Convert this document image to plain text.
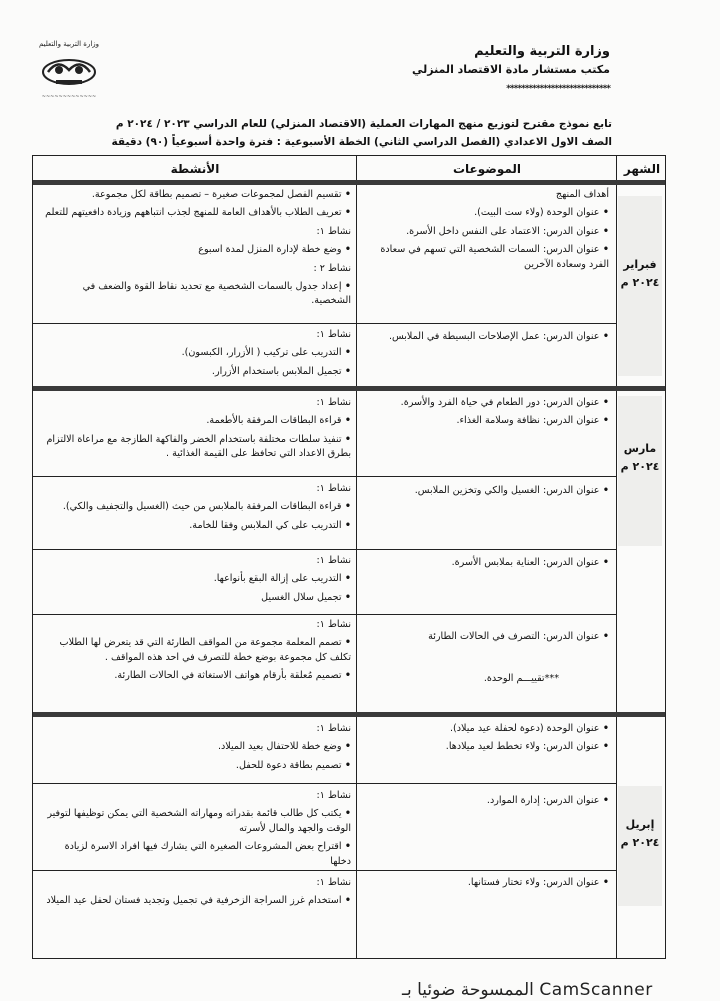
وزارة التربية والتعليم
~~~~~~~~~~~~~
وزارة التربية والتعليم
مكتب مستشار مادة الاقتصاد المنزلي
****************************
تابع نموذج مقترح لتوزيع منهج المهارات العملية (الاقتصاد المنزلي) للعام الدراسي ٢٠٢٣ / ٢٠٢٤ م
الصف الاول الاعدادي (الفصل الدراسي الثاني) الخطة الأسبوعية : فترة واحدة أسبوعياً (٩٠) دقيقة
الشهر
الموضوعات
الأنشطة
فبراير
٢٠٢٤ م
مارس
٢٠٢٤ م
إبريل
٢٠٢٤ م

أهداف المنهج

• عنوان الوحدة (ولاء ست البيت).

• عنوان الدرس: الاعتماد على النفس داخل الأسرة.

• عنوان الدرس: السمات الشخصية التي تسهم في سعادة الفرد وسعادة الآخرين

• تقسيم الفصل لمجموعات صغيرة – تصميم بطاقة لكل مجموعة.

• تعريف الطلاب بالأهداف العامة للمنهج لجذب انتباههم وزيادة دافعيتهم للتعلم

نشاط ١:

• وضع خطة لإدارة المنزل لمدة اسبوع

نشاط ٢ :

• إعداد جدول بالسمات الشخصية مع تحديد نقاط القوة والضعف في الشخصية.

• عنوان الدرس: عمل الإصلاحات البسيطة في الملابس.

نشاط ١:

• التدريب على تركيب ( الأزرار، الكبسون).

• تجميل الملابس باستخدام الأزرار.

• عنوان الدرس: دور الطعام في حياة الفرد والأسرة.

• عنوان الدرس: نظافة وسلامة الغذاء.

نشاط ١:

• قراءة البطاقات المرفقة بالأطعمة.

• تنفيذ سلطات مختلفة باستخدام الخضر والفاكهة الطازجة مع مراعاة الالتزام بطرق الاعداد التي تحافظ على القيمة الغذائية .

• عنوان الدرس: الغسيل والكي وتخزين الملابس.

نشاط ١:

• قراءة البطاقات المرفقة بالملابس من حيث (الغسيل والتجفيف والكي).

• التدريب على كي الملابس وفقا للخامة.

• عنوان الدرس: العناية بملابس الأسرة.

نشاط ١:

• التدريب على إزالة البقع بأنواعها.

• تجميل سلال الغسيل

• عنوان الدرس: التصرف في الحالات الطارئة

***تقييـــم الوحدة.

نشاط ١:

• تصمم المعلمة مجموعة من المواقف الطارئة التي قد يتعرض لها الطلاب تكلف كل مجموعة بوضع خطة للتصرف في احد هذه المواقف .

• تصميم مُعلقة بأرقام هواتف الاستغاثة في الحالات الطارئة.

• عنوان الوحدة (دعوة لحفلة عيد ميلاد).

• عنوان الدرس: ولاء تخطط لعيد ميلادها.

نشاط ١:

• وضع خطة للاحتفال بعيد الميلاد.

• تصميم بطاقة دعوة للحفل.

• عنوان الدرس: إدارة الموارد.

نشاط ١:

• يكتب كل طالب قائمة بقدراته ومهاراته الشخصية التي يمكن توظيفها لتوفير الوقت والجهد والمال لأسرته

• اقتراح بعض المشروعات الصغيرة التي يشارك فيها افراد الاسرة لزيادة دخلها

• عنوان الدرس: ولاء تختار فستانها.

نشاط ١:

• استخدام غرز السراجة الزخرفية في تجميل وتجديد فستان لحفل عيد الميلاد

الممسوحة ضوئيا بـ CamScanner
